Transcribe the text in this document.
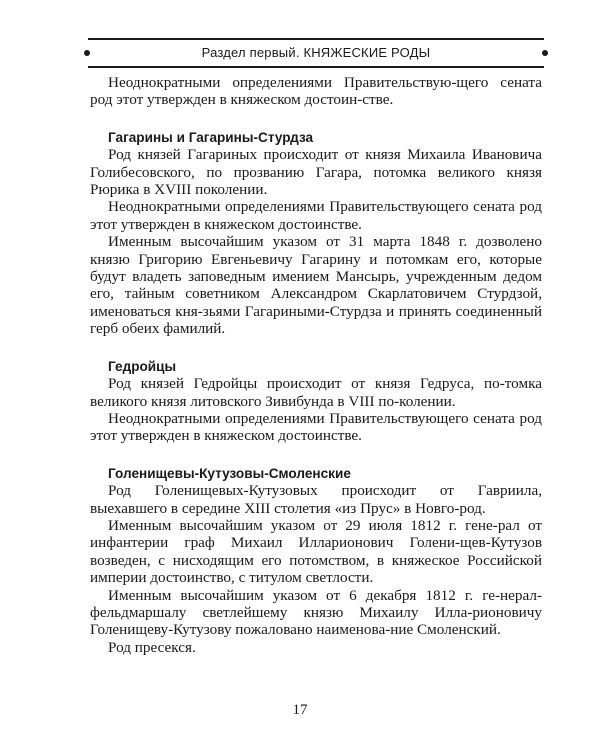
Раздел первый. КНЯЖЕСКИЕ РОДЫ

Неоднократными определениями Правительствую-щего сената род этот утвержден в княжеском достоин-стве.

Гагарины и Гагарины-Стурдза

Род князей Гагариных происходит от князя Михаила Ивановича Голибесовского, по прозванию Гагара, потомка великого князя Рюрика в XVIII поколении.

Неоднократными определениями Правительствующего сената род этот утвержден в княжеском достоинстве.

Именным высочайшим указом от 31 марта 1848 г. дозволено князю Григорию Евгеньевичу Гагарину и потомкам его, которые будут владеть заповедным имением Мансырь, учрежденным дедом его, тайным советником Александром Скарлатовичем Стурдзой, именоваться кня-зьями Гагариными-Стурдза и принять соединенный герб обеих фамилий.

Гедройцы

Род князей Гедройцы происходит от князя Гедруса, по-томка великого князя литовского Зивибунда в VIII по-колении.

Неоднократными определениями Правительствующего сената род этот утвержден в княжеском достоинстве.

Голенищевы-Кутузовы-Смоленские

Род Голенищевых-Кутузовых происходит от Гавриила, выехавшего в середине XIII столетия «из Прус» в Новго-род.

Именным высочайшим указом от 29 июля 1812 г. гене-рал от инфантерии граф Михаил Илларионович Голени-щев-Кутузов возведен, с нисходящим его потомством, в княжеское Российской империи достоинство, с титулом светлости.

Именным высочайшим указом от 6 декабря 1812 г. ге-нерал-фельдмаршалу светлейшему князю Михаилу Илла-рионовичу Голенищеву-Кутузову пожаловано наименова-ние Смоленский.

Род пресекся.

17
